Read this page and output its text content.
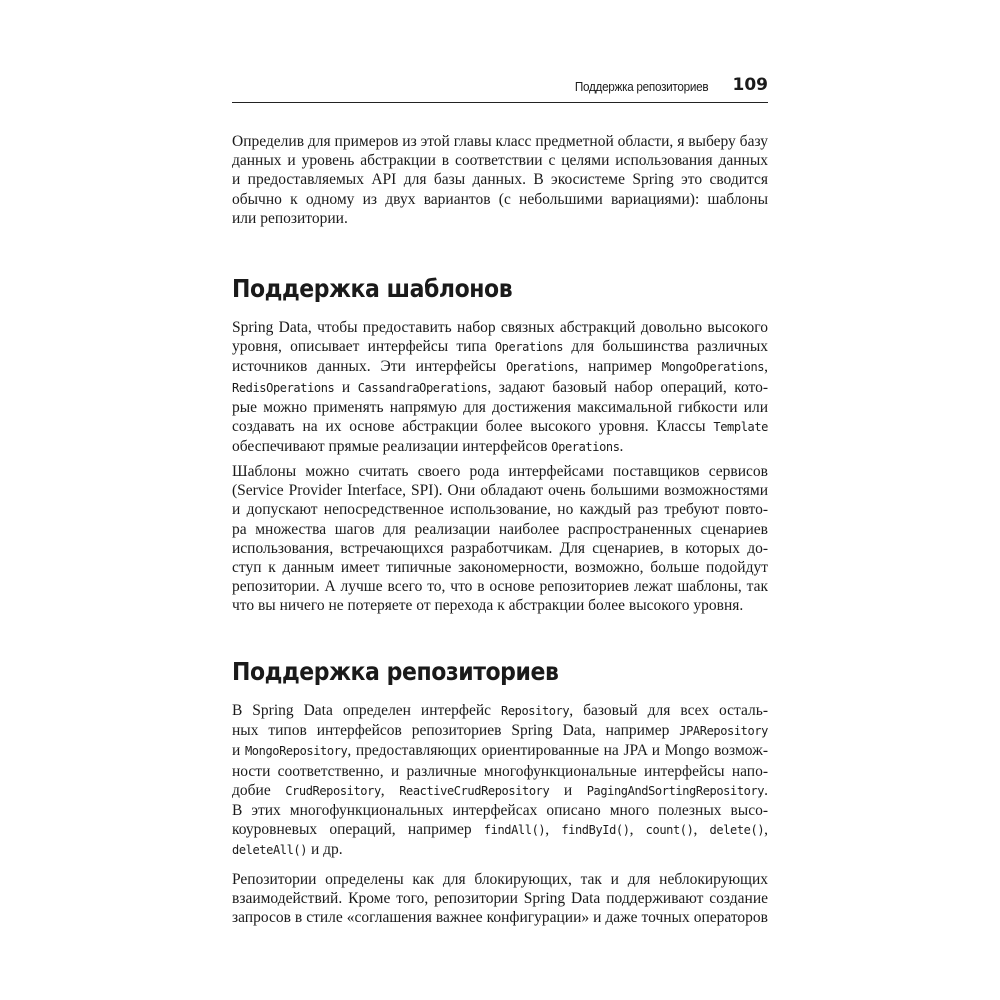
Поддержка репозиториев 109

Определив для примеров из этой главы класс предметной области, я выберу базу
данных и уровень абстракции в соответствии с целями использования данных
и предоставляемых API для базы данных. В экосистеме Spring это сводится
обычно к одному из двух вариантов (с небольшими вариациями): шаблоны
или репозитории.

Поддержка шаблонов

Spring Data, чтобы предоставить набор связных абстракций довольно высокого
уровня, описывает интерфейсы типа Operations для большинства различных
источников данных. Эти интерфейсы Operations, например MongoOperations,
RedisOperations и CassandraOperations, задают базовый набор операций, кото-
рые можно применять напрямую для достижения максимальной гибкости или
создавать на их основе абстракции более высокого уровня. Классы Template
обеспечивают прямые реализации интерфейсов Operations.

Шаблоны можно считать своего рода интерфейсами поставщиков сервисов
(Service Provider Interface, SPI). Они обладают очень большими возможностями
и допускают непосредственное использование, но каждый раз требуют повто-
ра множества шагов для реализации наиболее распространенных сценариев
использования, встречающихся разработчикам. Для сценариев, в которых до-
ступ к данным имеет типичные закономерности, возможно, больше подойдут
репозитории. А лучше всего то, что в основе репозиториев лежат шаблоны, так
что вы ничего не потеряете от перехода к абстракции более высокого уровня.

Поддержка репозиториев

В Spring Data определен интерфейс Repository, базовый для всех осталь-
ных типов интерфейсов репозиториев Spring Data, например JPARepository
и MongoRepository, предоставляющих ориентированные на JPA и Mongo возмож-
ности соответственно, и различные многофункциональные интерфейсы напо-
добие CrudRepository, ReactiveCrudRepository и PagingAndSortingRepository.
В этих многофункциональных интерфейсах описано много полезных высо-
коуровневых операций, например findAll(), findById(), count(), delete(),
deleteAll() и др.

Репозитории определены как для блокирующих, так и для неблокирующих
взаимодействий. Кроме того, репозитории Spring Data поддерживают создание
запросов в стиле «соглашения важнее конфигурации» и даже точных операторов
